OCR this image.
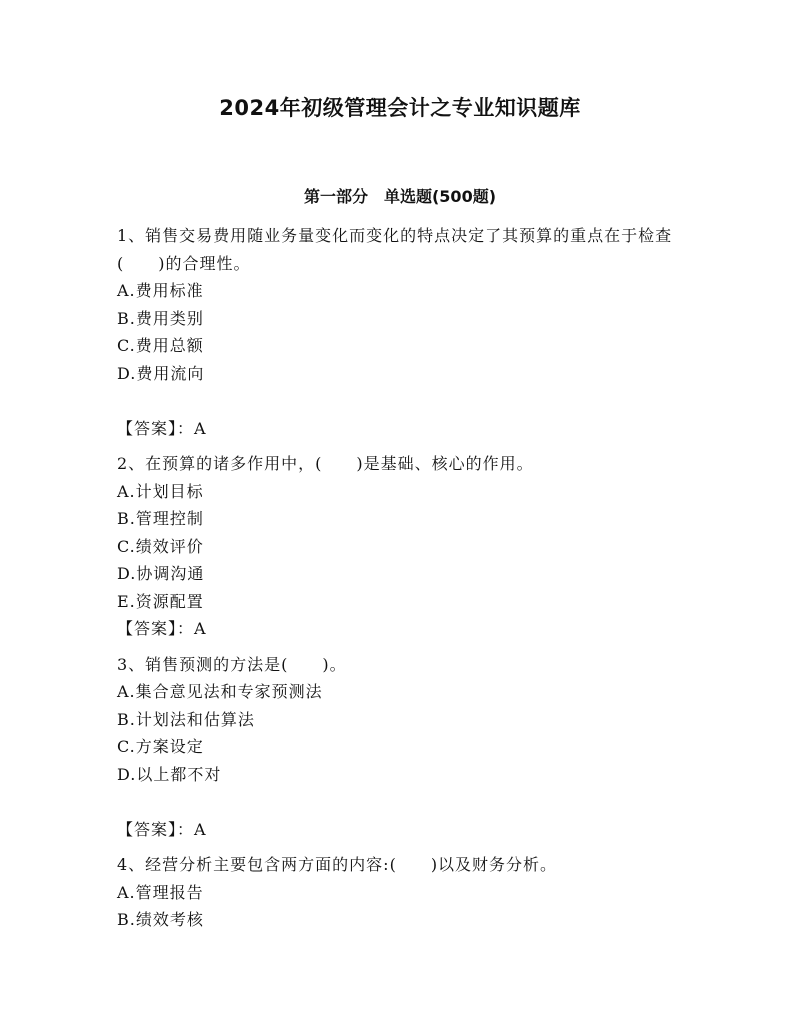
2024年初级管理会计之专业知识题库
第一部分　单选题(500题)

1、销售交易费用随业务量变化而变化的特点决定了其预算的重点在于检查(　　)的合理性。

A.费用标准

B.费用类别

C.费用总额

D.费用流向

【答案】：A

2、在预算的诸多作用中，(　　)是基础、核心的作用。

A.计划目标

B.管理控制

C.绩效评价

D.协调沟通

E.资源配置

【答案】：A

3、销售预测的方法是(　　)。

A.集合意见法和专家预测法

B.计划法和估算法

C.方案设定

D.以上都不对

【答案】：A

4、经营分析主要包含两方面的内容:(　　)以及财务分析。

A.管理报告

B.绩效考核
